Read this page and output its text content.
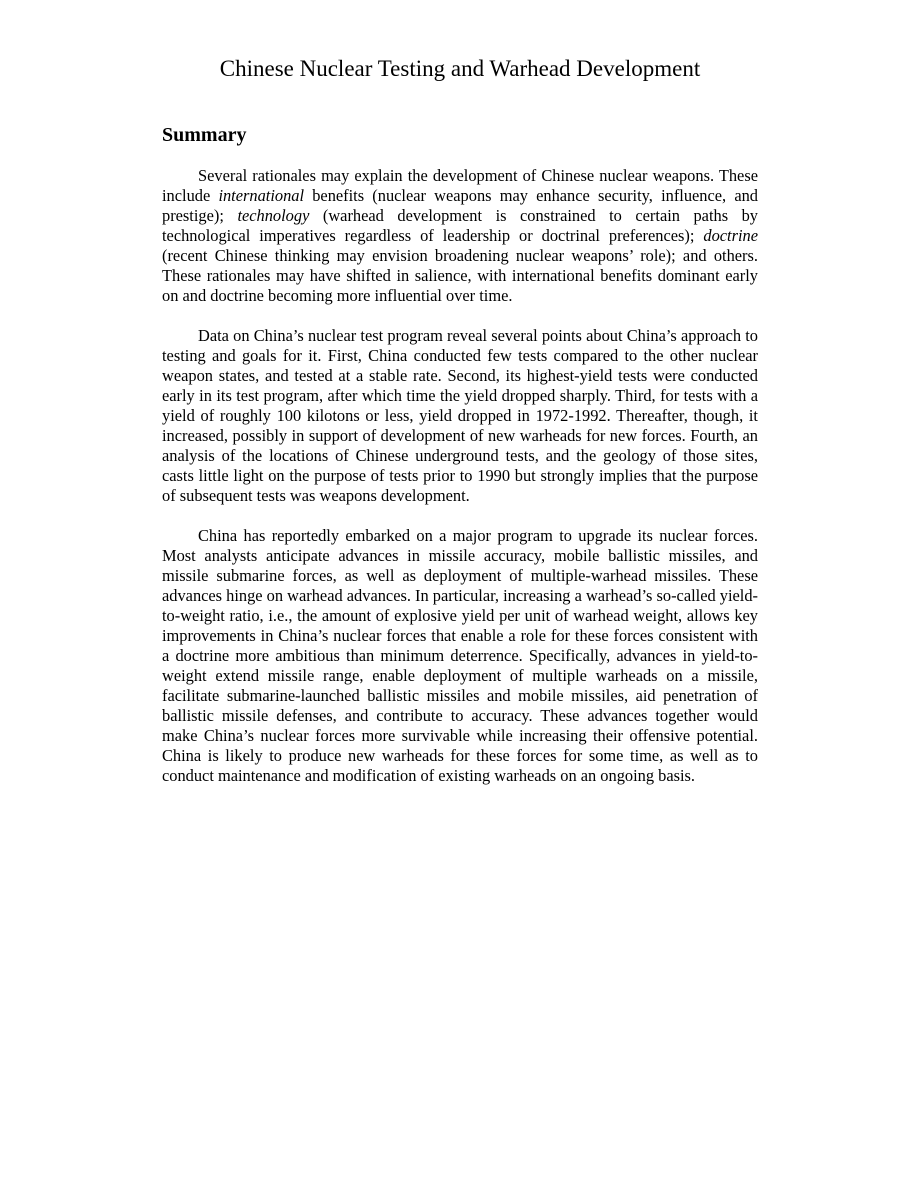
Chinese Nuclear Testing and Warhead Development
Summary

Several rationales may explain the development of Chinese nuclear weapons. These include international benefits (nuclear weapons may enhance security, influence, and prestige); technology (warhead development is constrained to certain paths by technological imperatives regardless of leadership or doctrinal preferences); doctrine (recent Chinese thinking may envision broadening nuclear weapons’ role); and others. These rationales may have shifted in salience, with international benefits dominant early on and doctrine becoming more influential over time.

Data on China’s nuclear test program reveal several points about China’s approach to testing and goals for it. First, China conducted few tests compared to the other nuclear weapon states, and tested at a stable rate. Second, its highest-yield tests were conducted early in its test program, after which time the yield dropped sharply. Third, for tests with a yield of roughly 100 kilotons or less, yield dropped in 1972-1992. Thereafter, though, it increased, possibly in support of development of new warheads for new forces. Fourth, an analysis of the locations of Chinese underground tests, and the geology of those sites, casts little light on the purpose of tests prior to 1990 but strongly implies that the purpose of subsequent tests was weapons development.

China has reportedly embarked on a major program to upgrade its nuclear forces. Most analysts anticipate advances in missile accuracy, mobile ballistic missiles, and missile submarine forces, as well as deployment of multiple-warhead missiles. These advances hinge on warhead advances. In particular, increasing a warhead’s so-called yield-to-weight ratio, i.e., the amount of explosive yield per unit of warhead weight, allows key improvements in China’s nuclear forces that enable a role for these forces consistent with a doctrine more ambitious than minimum deterrence. Specifically, advances in yield-to-weight extend missile range, enable deployment of multiple warheads on a missile, facilitate submarine-launched ballistic missiles and mobile missiles, aid penetration of ballistic missile defenses, and contribute to accuracy. These advances together would make China’s nuclear forces more survivable while increasing their offensive potential. China is likely to produce new warheads for these forces for some time, as well as to conduct maintenance and modification of existing warheads on an ongoing basis.
